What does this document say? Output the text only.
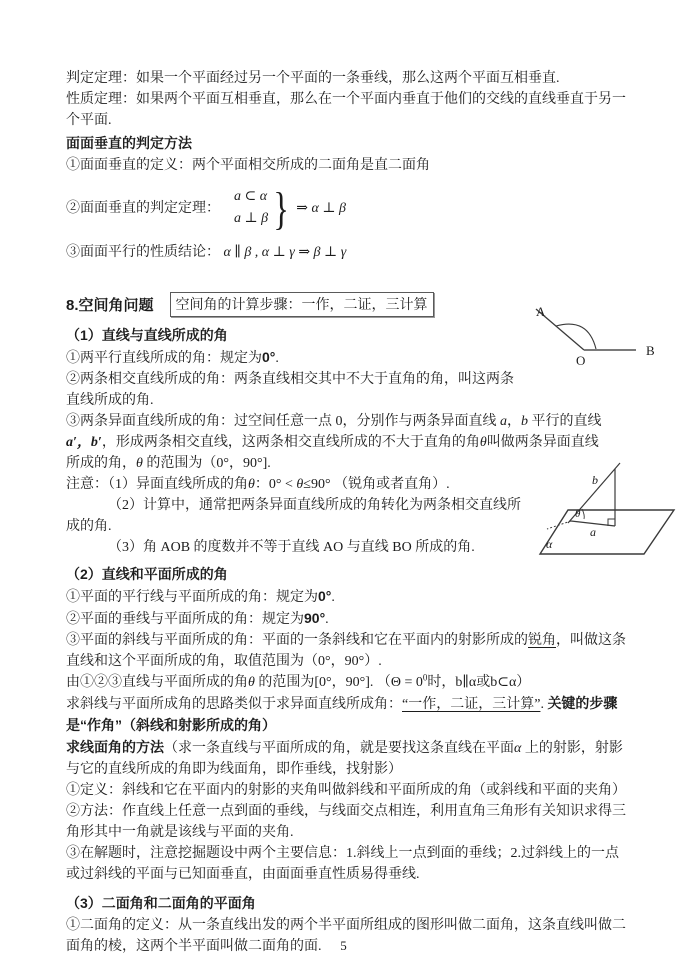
判定定理：如果一个平面经过另一个平面的一条垂线，那么这两个平面互相垂直.
性质定理：如果两个平面互相垂直，那么在一个平面内垂直于他们的交线的直线垂直于另一
个平面.
面面垂直的判定方法
①面面垂直的定义：两个平面相交所成的二面角是直二面角
②面面垂直的判定定理：
a ⊂ α
a ⊥ β } ⇒ α ⊥ β
③面面平行的性质结论： α ∥ β , α ⊥ γ ⇒ β ⊥ γ
8.空间角问题	空间角的计算步骤：一作，二证，三计算
（1）直线与直线所成的角
①两平行直线所成的角：规定为0°.
②两条相交直线所成的角：两条直线相交其中不大于直角的角，叫这两条
直线所成的角.
③两条异面直线所成的角：过空间任意一点 0，分别作与两条异面直线 a，b 平行的直线
a′，b′，形成两条相交直线，这两条相交直线所成的不大于直角的角θ叫做两条异面直线
所成的角，θ 的范围为（0°，90°].
注意：（1）异面直线所成的角θ：0° < θ≤90° （锐角或者直角）.
（2）计算中，通常把两条异面直线所成的角转化为两条相交直线所
成的角.
（3）角 AOB 的度数并不等于直线 AO 与直线 BO 所成的角.
（2）直线和平面所成的角
①平面的平行线与平面所成的角：规定为0°.
②平面的垂线与平面所成的角：规定为90°.
③平面的斜线与平面所成的角：平面的一条斜线和它在平面内的射影所成的锐角，叫做这条
直线和这个平面所成的角，取值范围为（0°，90°）.
由①②③直线与平面所成的角θ 的范围为[0°，90°]. （$\Theta = 0^0$时，b∥α或b⊂α）
求斜线与平面所成角的思路类似于求异面直线所成角：“一作，二证，三计算”. 关键的步骤
是“作角”（斜线和射影所成的角）
求线面角的方法（求一条直线与平面所成的角，就是要找这条直线在平面α 上的射影，射影
与它的直线所成的角即为线面角，即作垂线，找射影）
①定义：斜线和它在平面内的射影的夹角叫做斜线和平面所成的角（或斜线和平面的夹角）
②方法：作直线上任意一点到面的垂线，与线面交点相连，利用直角三角形有关知识求得三
角形其中一角就是该线与平面的夹角.
③在解题时，注意挖掘题设中两个主要信息：1.斜线上一点到面的垂线；2.过斜线上的一点
或过斜线的平面与已知面垂直，由面面垂直性质易得垂线.
（3）二面角和二面角的平面角
①二面角的定义：从一条直线出发的两个半平面所组成的图形叫做二面角，这条直线叫做二
面角的棱，这两个半平面叫做二面角的面.
A
O
B
b
θ
a
α
5
